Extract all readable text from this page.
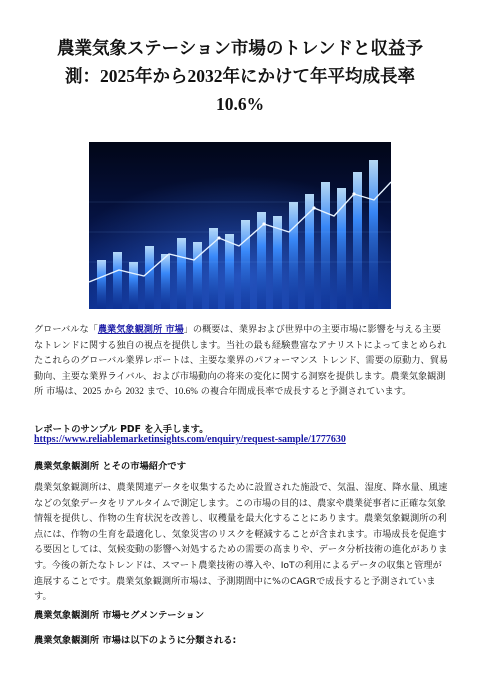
農業気象ステーション市場のトレンドと収益予
測：2025年から2032年にかけて年平均成長率
10.6%

グローバルな「農業気象観測所 市場」の概要は、業界および世界中の主要市場に影響を与える主要なトレンドに関する独自の視点を提供します。当社の最も経験豊富なアナリストによってまとめられたこれらのグローバル業界レポートは、主要な業界のパフォーマンス トレンド、需要の原動力、貿易動向、主要な業界ライバル、および市場動向の将来の変化に関する洞察を提供します。農業気象観測所 市場は、2025 から 2032 まで、10.6% の複合年間成長率で成長すると予測されています。

レポートのサンプル PDF を入手します。

https://www.reliablemarketinsights.com/enquiry/request-sample/1777630

農業気象観測所 とその市場紹介です

農業気象観測所は、農業関連データを収集するために設置された施設で、気温、湿度、降水量、風速などの気象データをリアルタイムで測定します。この市場の目的は、農家や農業従事者に正確な気象情報を提供し、作物の生育状況を改善し、収穫量を最大化することにあります。農業気象観測所の利点には、作物の生育を最適化し、気象災害のリスクを軽減することが含まれます。市場成長を促進する要因としては、気候変動の影響へ対処するための需要の高まりや、データ分析技術の進化があります。今後の新たなトレンドは、スマート農業技術の導入や、IoTの利用によるデータの収集と管理が進展することです。農業気象観測所市場は、予測期間中に%のCAGRで成長すると予測されています。

農業気象観測所 市場セグメンテーション

農業気象観測所 市場は以下のように分類される:
